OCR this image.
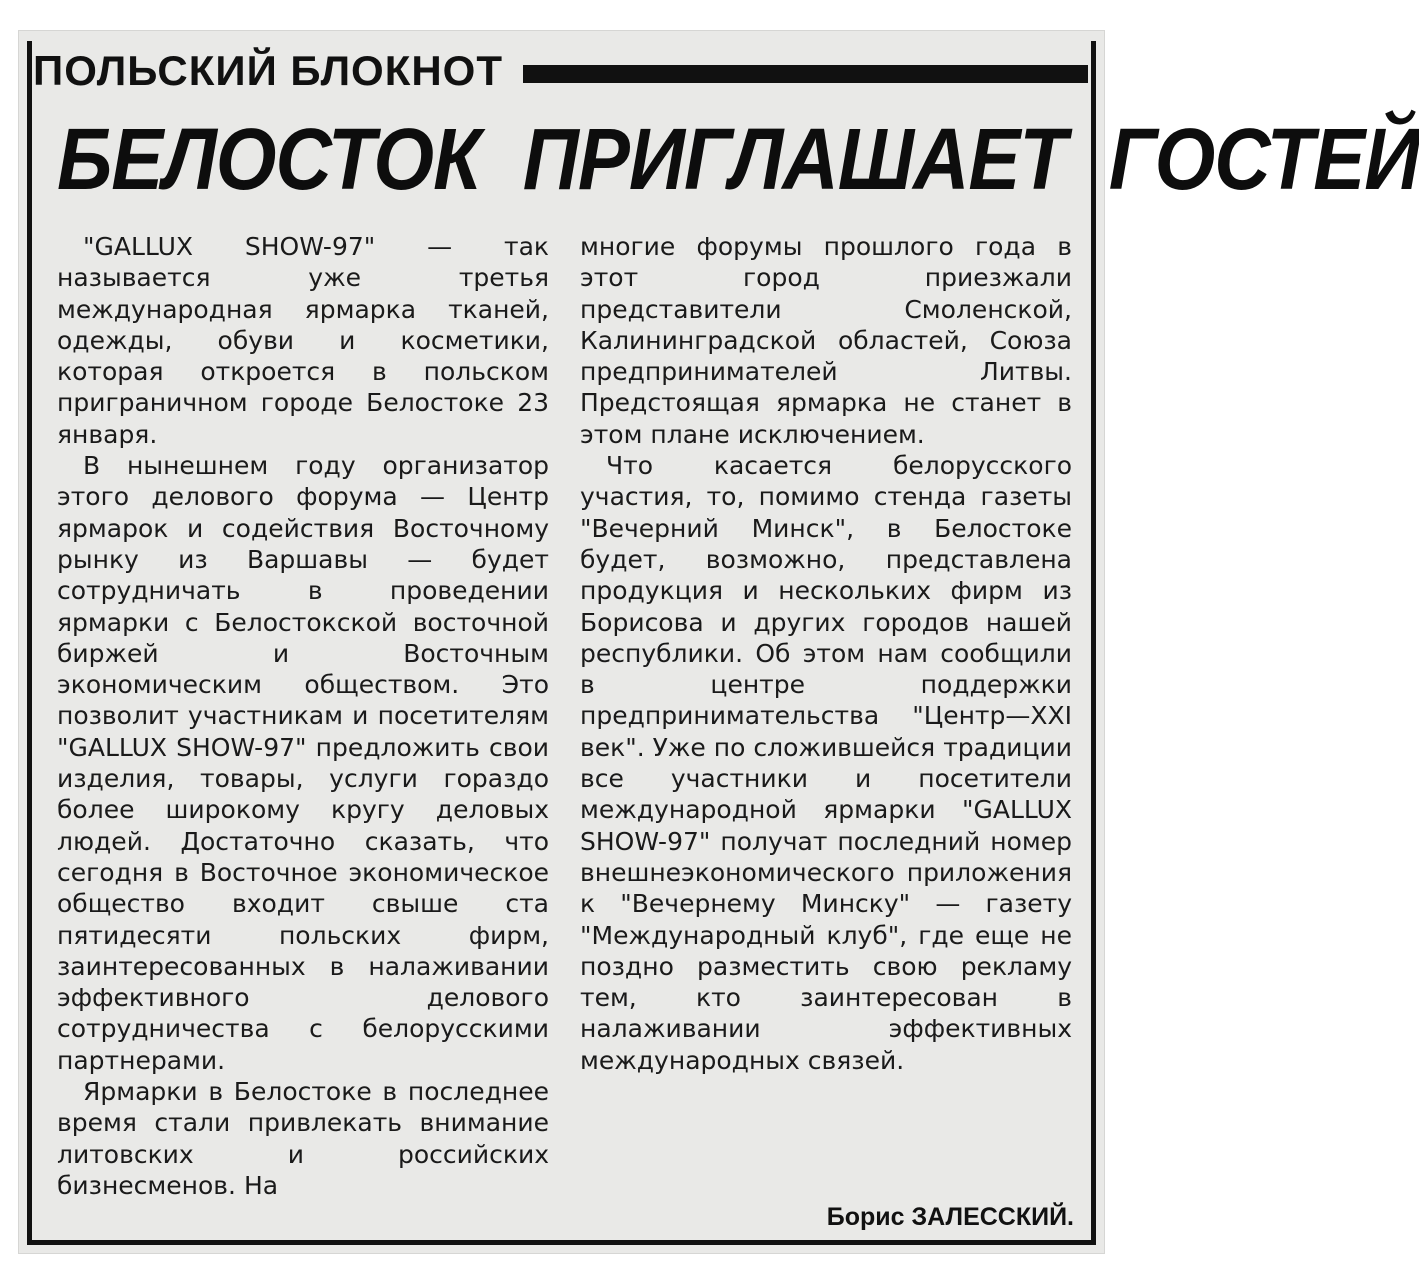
ПОЛЬСКИЙ БЛОКНОТ
БЕЛОСТОК ПРИГЛАШАЕТ ГОСТЕЙ

"GALLUX SHOW-97" — так называется уже третья международная ярмарка тканей, одежды, обуви и косметики, которая откроется в польском приграничном городе Белостоке 23 января.

В нынешнем году организатор этого делового форума — Центр ярмарок и содействия Восточному рынку из Варшавы — будет сотрудничать в проведении ярмарки с Белостокской восточной биржей и Восточным экономическим обществом. Это позволит участникам и посетителям "GALLUX SHOW-97" предложить свои изделия, товары, услуги гораздо более широкому кругу деловых людей. Достаточно сказать, что сегодня в Восточное экономическое общество входит свыше ста пятидесяти польских фирм, заинтересованных в налаживании эффективного делового сотрудничества с белорусскими партнерами.

Ярмарки в Белостоке в последнее время стали привлекать внимание литовских и российских бизнесменов. На

многие форумы прошлого года в этот город приезжали представители Смоленской, Калининградской областей, Союза предпринимателей Литвы. Предстоящая ярмарка не станет в этом плане исключением.

Что касается белорусского участия, то, помимо стенда газеты "Вечерний Минск", в Белостоке будет, возможно, представлена продукция и нескольких фирм из Борисова и других городов нашей республики. Об этом нам сообщили в центре поддержки предпринимательства "Центр—XXI век". Уже по сложившейся традиции все участники и посетители международной ярмарки "GALLUX SHOW-97" получат последний номер внешнеэкономического приложения к "Вечернему Минску" — газету "Международный клуб", где еще не поздно разместить свою рекламу тем, кто заинтересован в налаживании эффективных международных связей.

Борис ЗАЛЕССКИЙ.
